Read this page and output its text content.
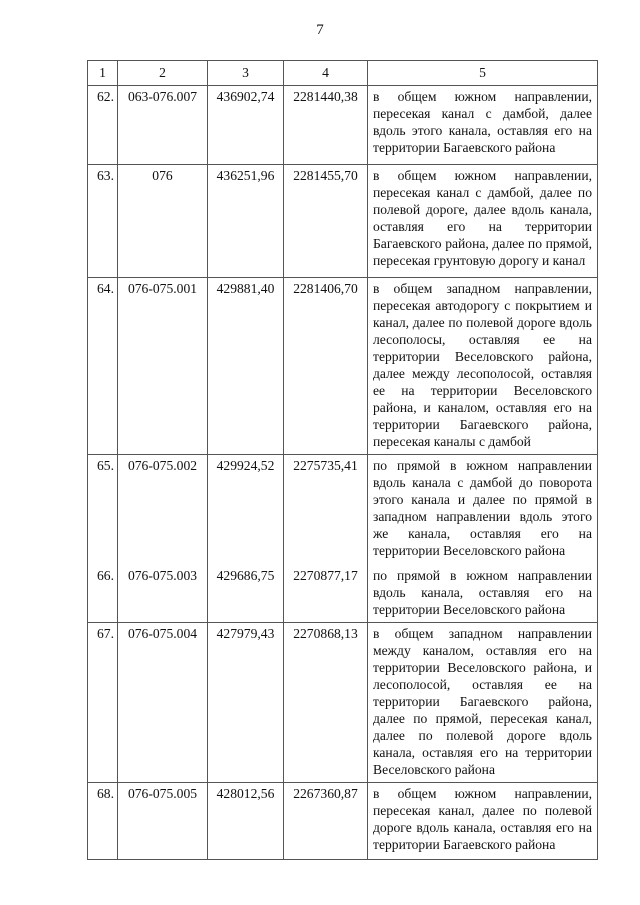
7
1	2	3	4	5
62.	063-076.007	436902,74	2281440,38	в общем южном направлении, пересекая канал с дамбой, далее вдоль этого канала, оставляя его на территории Багаевского района
63.	076	436251,96	2281455,70	в общем южном направлении, пересекая канал с дамбой, далее по полевой дороге, далее вдоль канала, оставляя его на территории Багаевского района, далее по прямой, пересекая грунтовую дорогу и канал
64.	076-075.001	429881,40	2281406,70	в общем западном направлении, пересекая автодорогу с покрытием и канал, далее по полевой дороге вдоль лесополосы, оставляя ее на территории Веселовского района, далее между лесополосой, оставляя ее на территории Веселовского района, и каналом, оставляя его на территории Багаевского района, пересекая каналы с дамбой
65.	076-075.002	429924,52	2275735,41	по прямой в южном направлении вдоль канала с дамбой до поворота этого канала и далее по прямой в западном направлении вдоль этого же канала, оставляя его на территории Веселовского района
66.	076-075.003	429686,75	2270877,17	по прямой в южном направлении вдоль канала, оставляя его на территории Веселовского района
67.	076-075.004	427979,43	2270868,13	в общем западном направлении между каналом, оставляя его на территории Веселовского района, и лесополосой, оставляя ее на территории Багаевского района, далее по прямой, пересекая канал, далее по полевой дороге вдоль канала, оставляя его на территории Веселовского района
68.	076-075.005	428012,56	2267360,87	в общем южном направлении, пересекая канал, далее по полевой дороге вдоль канала, оставляя его на территории Багаевского района
